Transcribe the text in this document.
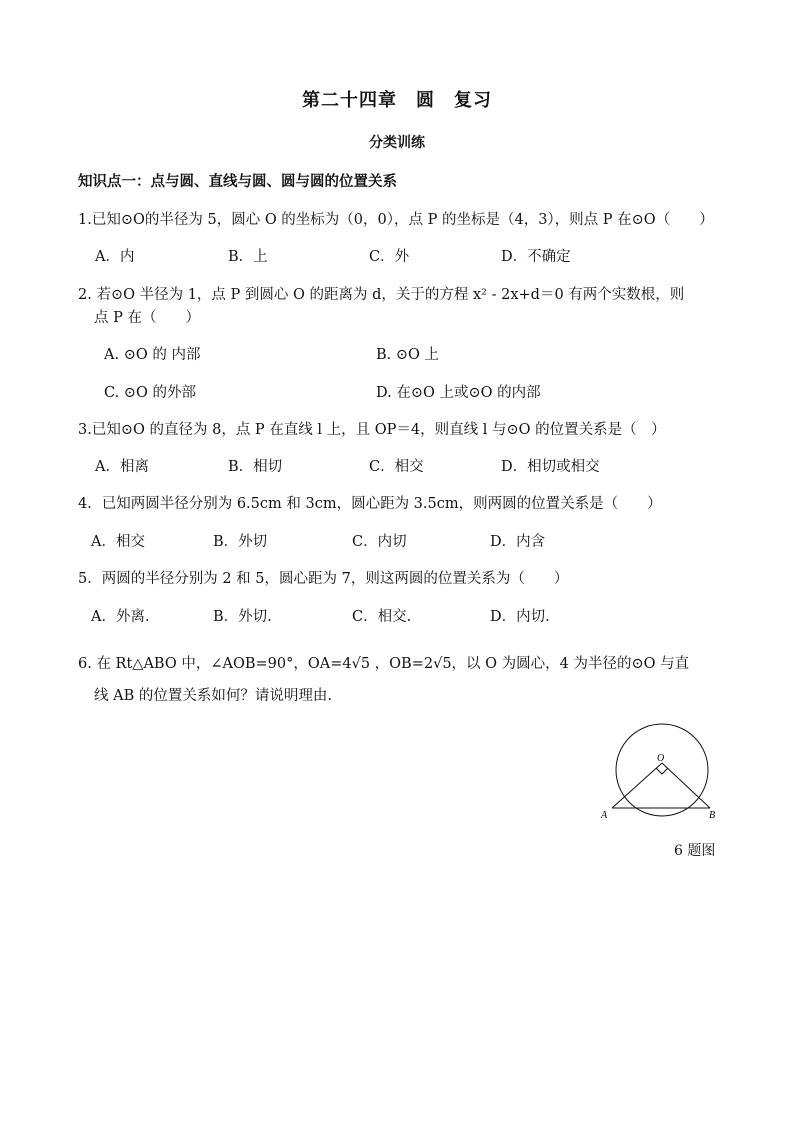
第二十四章　圆　复习
分类训练
知识点一：点与圆、直线与圆、圆与圆的位置关系
1.已知⊙O的半径为 5，圆心 O 的坐标为（0，0），点 P 的坐标是（4，3），则点 P 在⊙O（　　）
A．内	B．上	C．外	D．不确定
2. 若⊙O 半径为 1，点 P 到圆心 O 的距离为 d，关于的方程 x² - 2x+d＝0 有两个实数根，则
点 P 在（　　）
A. ⊙O 的 内部	B. ⊙O 上
C. ⊙O 的外部	D. 在⊙O 上或⊙O 的内部
3.已知⊙O 的直径为 8，点 P 在直线 l 上，且 OP＝4，则直线 l 与⊙O 的位置关系是（　）
A．相离	B．相切	C．相交	D．相切或相交
4．已知两圆半径分别为 6.5cm 和 3cm，圆心距为 3.5cm，则两圆的位置关系是（　　）
A．相交	B．外切	C．内切	D．内含
5．两圆的半径分别为 2 和 5，圆心距为 7，则这两圆的位置关系为（　　）
A．外离.	B．外切.	C．相交.	D．内切.
6. 在 Rt△ABO 中，∠AOB=90°，OA=4√5 ，OB=2√5，以 O 为圆心，4 为半径的⊙O 与直
线 AB 的位置关系如何？请说明理由.
O
A	B
6 题图
